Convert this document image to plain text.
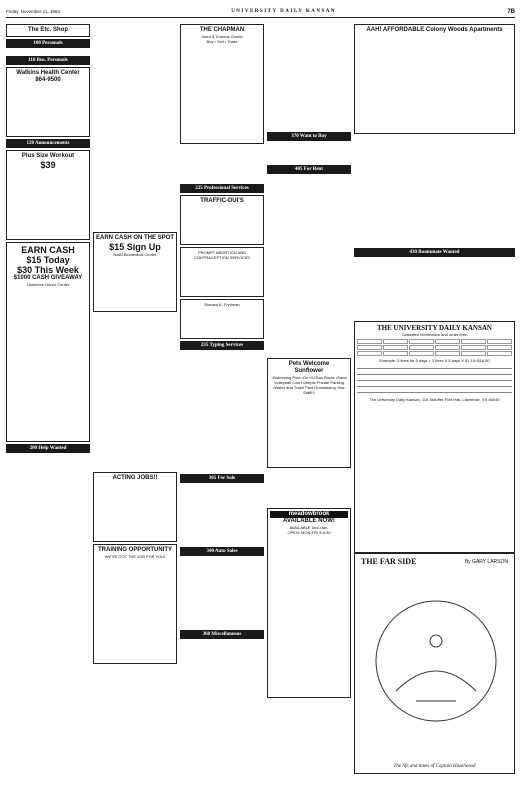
Friday, November 11, 1994	UNIVERSITY DAILY KANSAN	7B
The Etc. Shop
100 Personals
110 Bus. Personals
Watkins Health Center
864-9500
120 Announcements
Plus Size Workout
$39
EARN CASH
$15 Today
$30 This Week
$1000 CASH GIVEAWAY
Lawrence Donor Center
200 Help Wanted
EARN CASH ON THE SPOT
$15 Sign Up
NABI Biomedical Center
ACTING JOBS!!
TRAINING OPPORTUNITY
WE'VE GOT THE JOB FOR YOU!
THE CHAPMAN
Used & Curious Goods
Buy • Sell • Trade
225 Professional Services
TRAFFIC-DUI'S
PROMPT ABORTION AND CONTRACEPTION SERVICES
Richard A. Frydman
235 Typing Services
305 For Sale
340 Auto Sales
360 Miscellaneous
370 Want to Buy
405 For Rent
Pets Welcome
Sunflower
•Swimming Pool •On KU Bus Route •Sand Volleyball Court •Ample Private Parking •Water and Trash Paid Outstanding Year Staff!!!
meadowbrook
AVAILABLE NOW!
AVAILABLE Dec./Jan.
OPEN: MON-FRI 8-5:30
AAH! AFFORDABLE Colony Woods Apartments
430 Roommate Wanted
THE UNIVERSITY DAILY KANSAN
Classified Information and order form
Example: 3 lines for 5 days = 3 lines X 5 days X $1.10=$16.50
The University Daily Kansan, 119 Stauffer-Flint Hall, Lawrence, KS 66045
THE FAR SIDE	By GARY LARSON
The life and times of Captain Hazelwood
